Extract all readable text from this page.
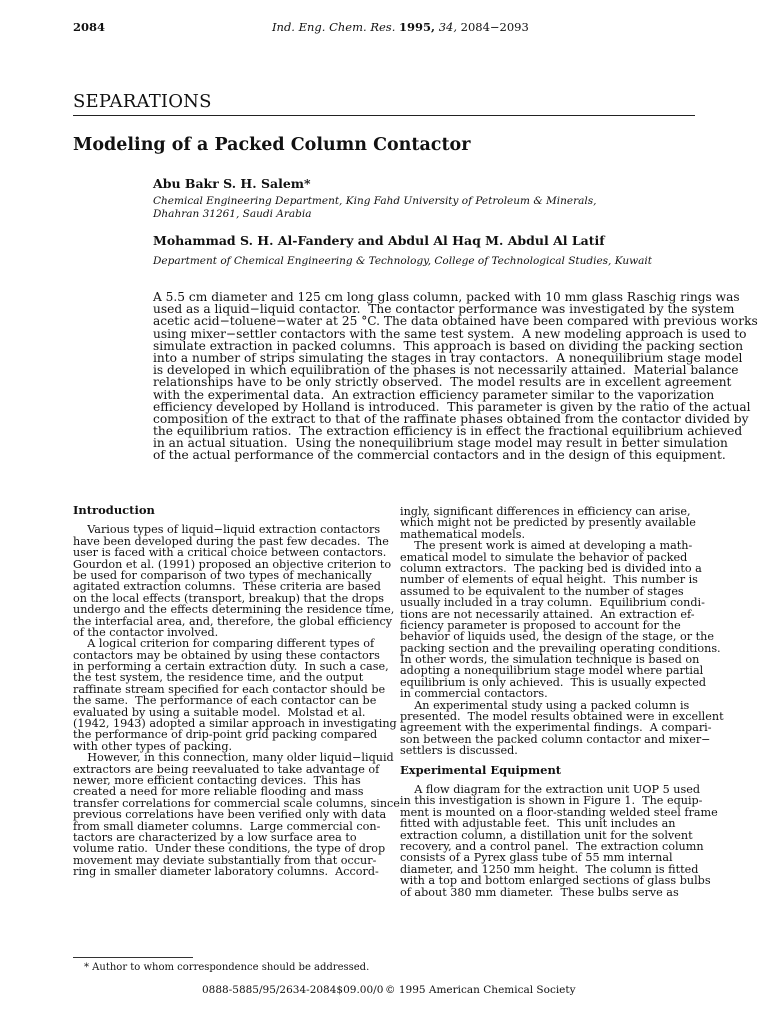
2084	Ind. Eng. Chem. Res. 1995, 34, 2084−2093
SEPARATIONS
Modeling of a Packed Column Contactor
Abu Bakr S. H. Salem*
Chemical Engineering Department, King Fahd University of Petroleum & Minerals,
Dhahran 31261, Saudi Arabia
Mohammad S. H. Al-Fandery and Abdul Al Haq M. Abdul Al Latif
Department of Chemical Engineering & Technology, College of Technological Studies, Kuwait
A 5.5 cm diameter and 125 cm long glass column, packed with 10 mm glass Raschig rings was
used as a liquid−liquid contactor.  The contactor performance was investigated by the system
acetic acid−toluene−water at 25 °C. The data obtained have been compared with previous works
using mixer−settler contactors with the same test system.  A new modeling approach is used to
simulate extraction in packed columns.  This approach is based on dividing the packing section
into a number of strips simulating the stages in tray contactors.  A nonequilibrium stage model
is developed in which equilibration of the phases is not necessarily attained.  Material balance
relationships have to be only strictly observed.  The model results are in excellent agreement
with the experimental data.  An extraction efficiency parameter similar to the vaporization
efficiency developed by Holland is introduced.  This parameter is given by the ratio of the actual
composition of the extract to that of the raffinate phases obtained from the contactor divided by
the equilibrium ratios.  The extraction efficiency is in effect the fractional equilibrium achieved
in an actual situation.  Using the nonequilibrium stage model may result in better simulation
of the actual performance of the commercial contactors and in the design of this equipment.
Introduction
Various types of liquid−liquid extraction contactors
have been developed during the past few decades.  The
user is faced with a critical choice between contactors.
Gourdon et al. (1991) proposed an objective criterion to
be used for comparison of two types of mechanically
agitated extraction columns.  These criteria are based
on the local effects (transport, breakup) that the drops
undergo and the effects determining the residence time,
the interfacial area, and, therefore, the global efficiency
of the contactor involved.
A logical criterion for comparing different types of
contactors may be obtained by using these contactors
in performing a certain extraction duty.  In such a case,
the test system, the residence time, and the output
raffinate stream specified for each contactor should be
the same.  The performance of each contactor can be
evaluated by using a suitable model.  Molstad et al.
(1942, 1943) adopted a similar approach in investigating
the performance of drip-point grid packing compared
with other types of packing.
However, in this connection, many older liquid−liquid
extractors are being reevaluated to take advantage of
newer, more efficient contacting devices.  This has
created a need for more reliable flooding and mass
transfer correlations for commercial scale columns, since
previous correlations have been verified only with data
from small diameter columns.  Large commercial con-
tactors are characterized by a low surface area to
volume ratio.  Under these conditions, the type of drop
movement may deviate substantially from that occur-
ring in smaller diameter laboratory columns.  Accord-
ingly, significant differences in efficiency can arise,
which might not be predicted by presently available
mathematical models.
The present work is aimed at developing a math-
ematical model to simulate the behavior of packed
column extractors.  The packing bed is divided into a
number of elements of equal height.  This number is
assumed to be equivalent to the number of stages
usually included in a tray column.  Equilibrium condi-
tions are not necessarily attained.  An extraction ef-
ficiency parameter is proposed to account for the
behavior of liquids used, the design of the stage, or the
packing section and the prevailing operating conditions.
In other words, the simulation technique is based on
adopting a nonequilibrium stage model where partial
equilibrium is only achieved.  This is usually expected
in commercial contactors.
An experimental study using a packed column is
presented.  The model results obtained were in excellent
agreement with the experimental findings.  A compari-
son between the packed column contactor and mixer−
settlers is discussed.
Experimental Equipment
A flow diagram for the extraction unit UOP 5 used
in this investigation is shown in Figure 1.  The equip-
ment is mounted on a floor-standing welded steel frame
fitted with adjustable feet.  This unit includes an
extraction column, a distillation unit for the solvent
recovery, and a control panel.  The extraction column
consists of a Pyrex glass tube of 55 mm internal
diameter, and 1250 mm height.  The column is fitted
with a top and bottom enlarged sections of glass bulbs
of about 380 mm diameter.  These bulbs serve as
* Author to whom correspondence should be addressed.
0888-5885/95/2634-2084$09.00/0 © 1995 American Chemical Society
